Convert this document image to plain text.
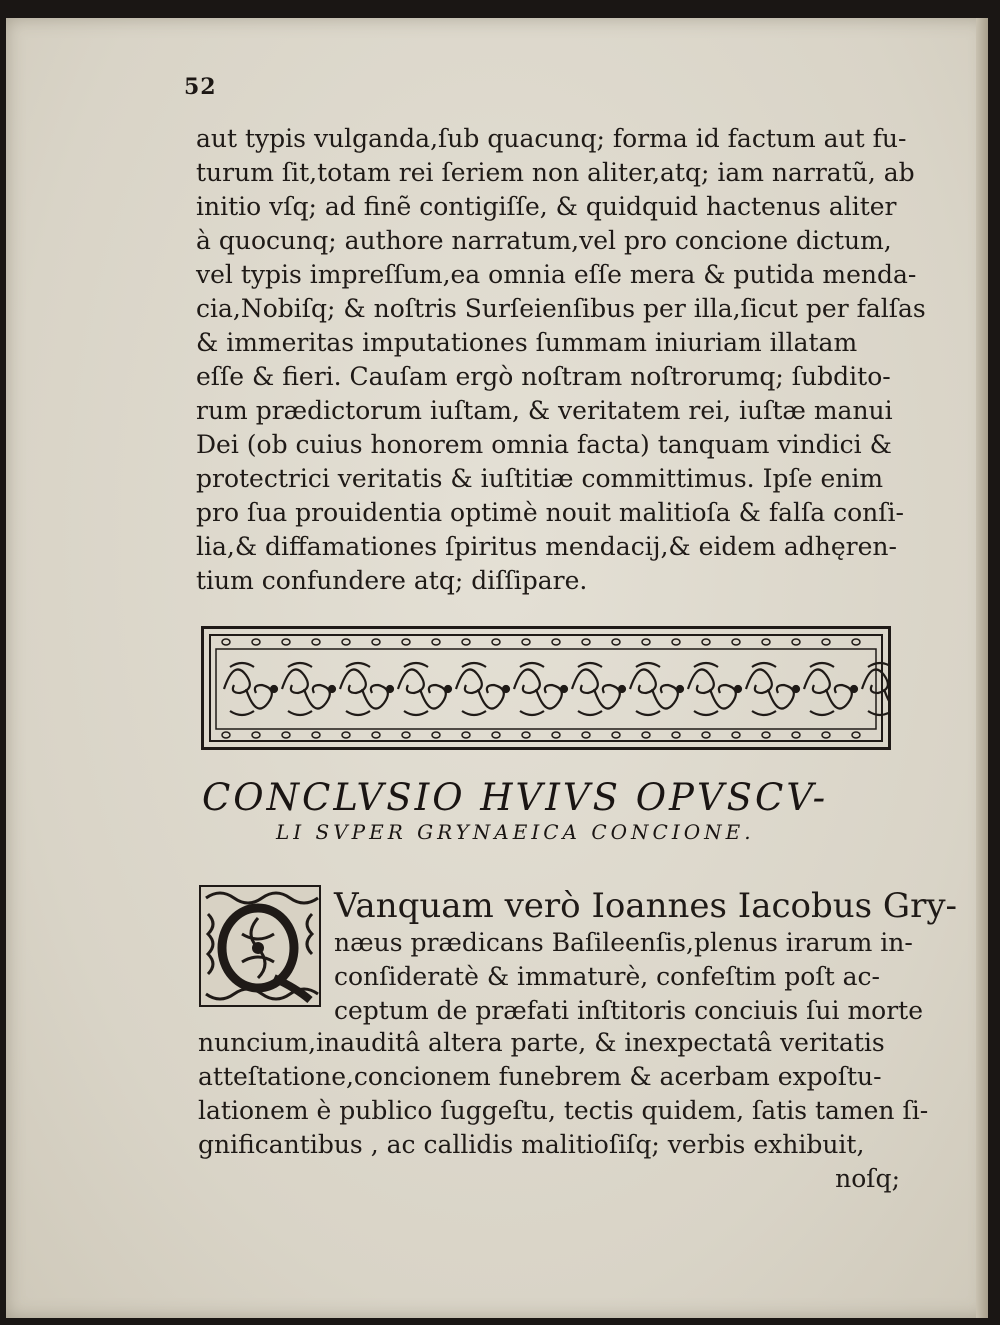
52
aut typis vulganda,ſub quacunq; forma id factum aut fu-
turum ſit,totam rei ſeriem non aliter,atq; iam narratũ, ab
initio vſq; ad finẽ contigiſſe, & quidquid hactenus aliter
à quocunq; authore narratum,vel pro concione dictum,
vel typis impreſſum,ea omnia eſſe mera & putida menda-
cia,Nobiſq; & noſtris Surſeienſibus per illa,ſicut per falſas
& immeritas imputationes ſummam iniuriam illatam
eſſe & fieri. Cauſam ergò noſtram noſtrorumq; ſubdito-
rum prædictorum iuſtam, & veritatem rei, iuſtæ manui
Dei (ob cuius honorem omnia facta) tanquam vindici &
protectrici veritatis & iuſtitiæ committimus. Ipſe enim
pro ſua prouidentia optimè nouit malitioſa & falſa conſi-
lia,& diffamationes ſpiritus mendacij,& eidem adhęren-
tium confundere atq; diſſipare.
CONCLVSIO HVIVS OPVSCV-
LI SVPER GRYNAEICA CONCIONE.
Vanquam verò Ioannes Iacobus Gry-
næus prædicans Baſileenſis,plenus irarum in-
conſideratè & immaturè, confeſtim poſt ac-
ceptum de præfati inſtitoris conciuis ſui morte
nuncium,inauditâ altera parte, & inexpectatâ veritatis
atteſtatione,concionem funebrem & acerbam expoſtu-
lationem è publico ſuggeſtu, tectis quidem, ſatis tamen ſi-
gnificantibus , ac callidis malitioſiſq; verbis exhibuit,
noſq;
